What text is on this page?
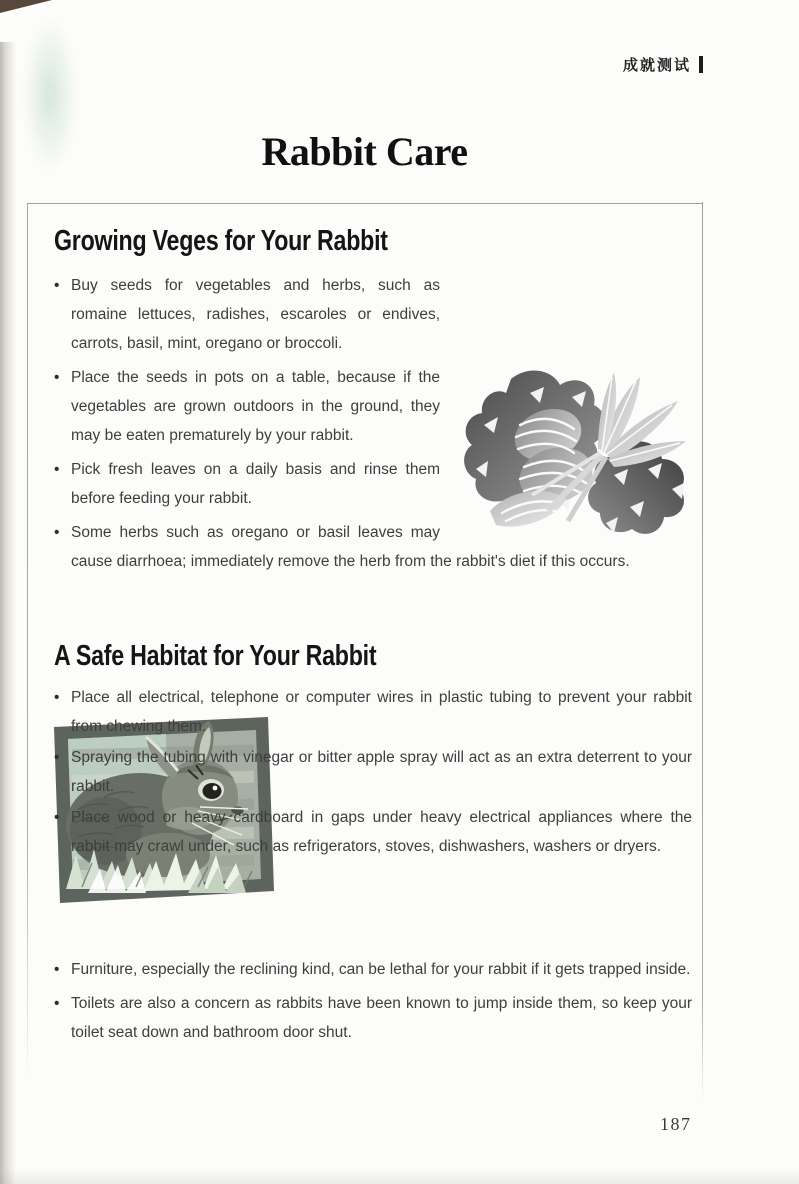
成就测试
Rabbit Care
Growing Veges for Your Rabbit
• Buy seeds for vegetables and herbs, such as romaine lettuces, radishes, escaroles or endives, carrots, basil, mint, oregano or broccoli.
• Place the seeds in pots on a table, because if the vegetables are grown outdoors in the ground, they may be eaten prematurely by your rabbit.
• Pick fresh leaves on a daily basis and rinse them before feeding your rabbit.
• Some herbs such as oregano or basil leaves may cause diarrhoea; immediately remove the herb from the rabbit's diet if this occurs.
A Safe Habitat for Your Rabbit
• Place all electrical, telephone or computer wires in plastic tubing to prevent your rabbit from chewing them.
• Spraying the tubing with vinegar or bitter apple spray will act as an extra deterrent to your rabbit.
• Place wood or heavy cardboard in gaps under heavy electrical appliances where the rabbit may crawl under, such as refrigerators, stoves, dishwashers, washers or dryers.
• Furniture, especially the reclining kind, can be lethal for your rabbit if it gets trapped inside.
• Toilets are also a concern as rabbits have been known to jump inside them, so keep your toilet seat down and bathroom door shut.
187
